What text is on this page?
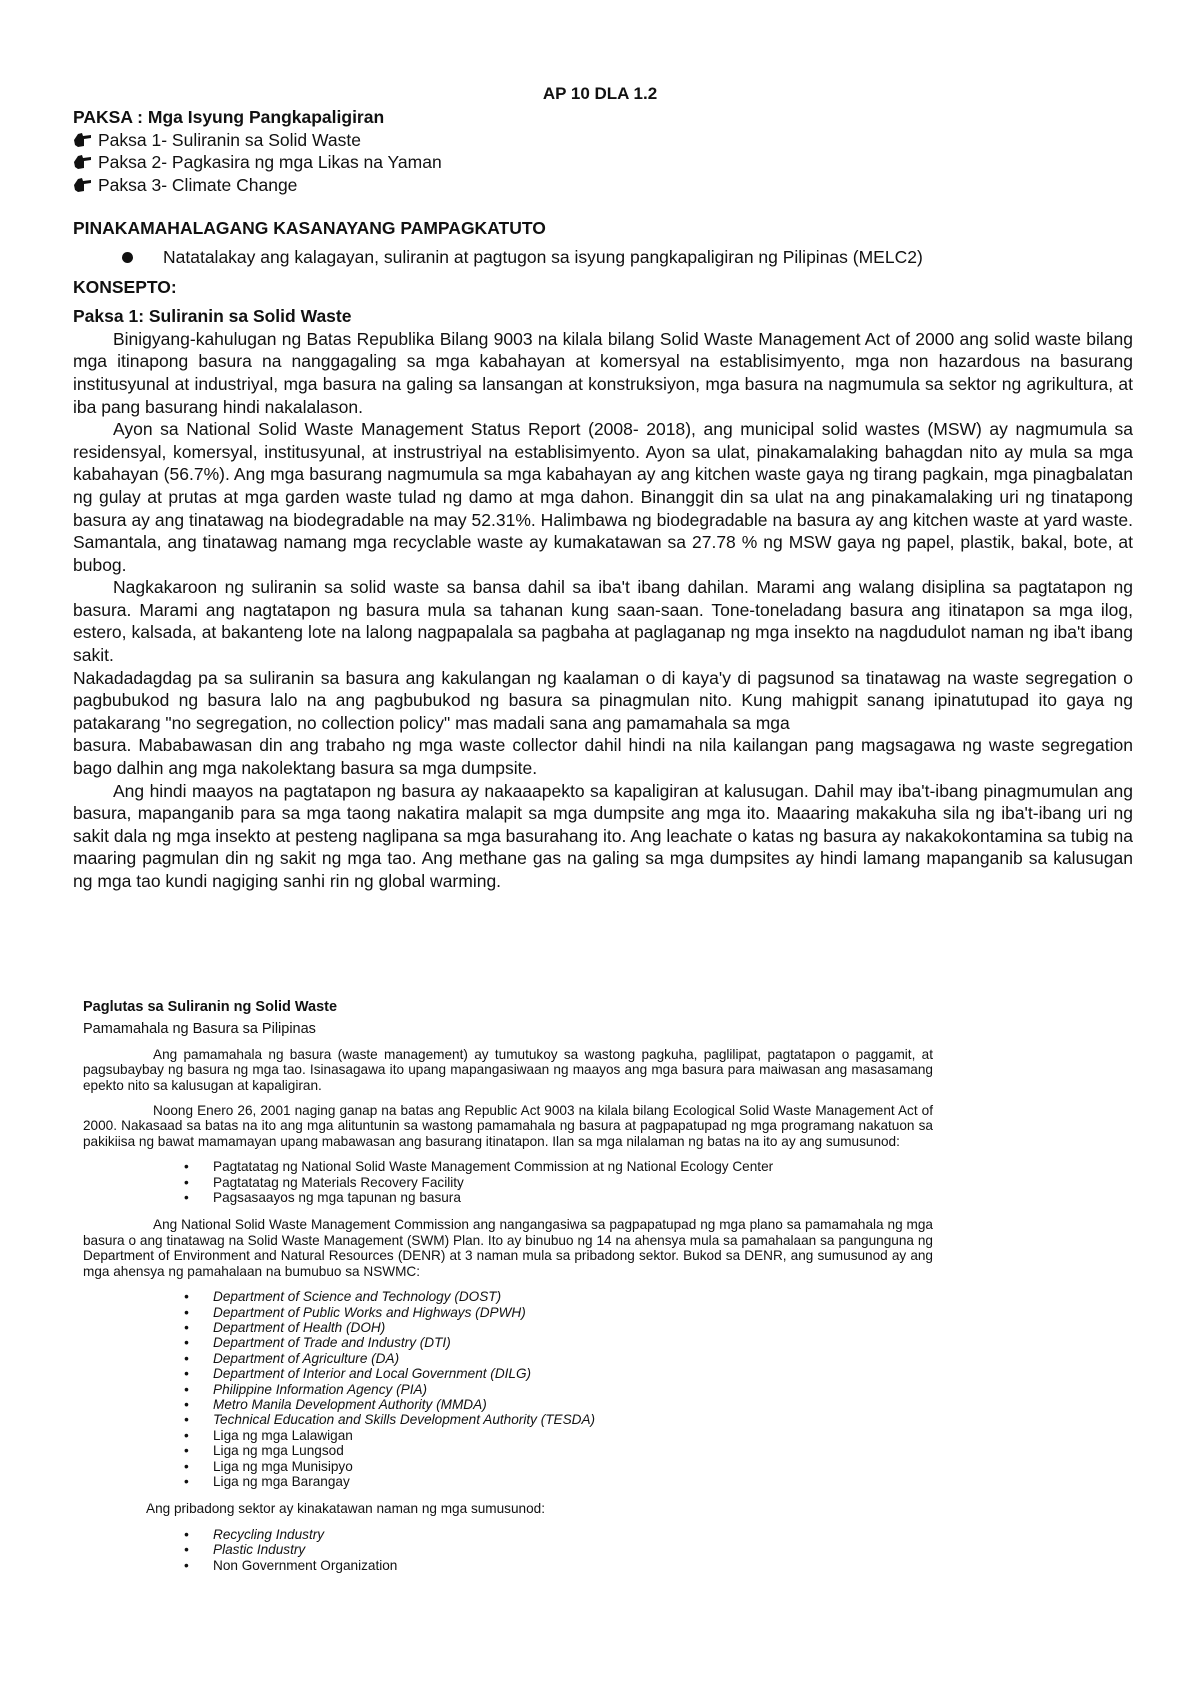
AP 10 DLA 1.2

PAKSA : Mga Isyung Pangkapaligiran

Paksa 1- Suliranin sa Solid Waste
Paksa 2- Pagkasira ng mga Likas na Yaman
Paksa 3- Climate Change

PINAKAMAHALAGANG KASANAYANG PAMPAGKATUTO

Natatalakay ang kalagayan, suliranin at pagtugon sa isyung pangkapaligiran ng Pilipinas (MELC2)

KONSEPTO:

Paksa 1: Suliranin sa Solid Waste

Binigyang-kahulugan ng Batas Republika Bilang 9003 na kilala bilang Solid Waste Management Act of 2000 ang solid waste bilang mga itinapong basura na nanggagaling sa mga kabahayan at komersyal na establisimyento, mga non hazardous na basurang institusyunal at industriyal, mga basura na galing sa lansangan at konstruksiyon, mga basura na nagmumula sa sektor ng agrikultura, at iba pang basurang hindi nakalalason.

Ayon sa National Solid Waste Management Status Report (2008- 2018), ang municipal solid wastes (MSW) ay nagmumula sa residensyal, komersyal, institusyunal, at instrustriyal na establisimyento. Ayon sa ulat, pinakamalaking bahagdan nito ay mula sa mga kabahayan (56.7%). Ang mga basurang nagmumula sa mga kabahayan ay ang kitchen waste gaya ng tirang pagkain, mga pinagbalatan ng gulay at prutas at mga garden waste tulad ng damo at mga dahon. Binanggit din sa ulat na ang pinakamalaking uri ng tinatapong basura ay ang tinatawag na biodegradable na may 52.31%. Halimbawa ng biodegradable na basura ay ang kitchen waste at yard waste. Samantala, ang tinatawag namang mga recyclable waste ay kumakatawan sa 27.78 % ng MSW gaya ng papel, plastik, bakal, bote, at bubog.

Nagkakaroon ng suliranin sa solid waste sa bansa dahil sa iba't ibang dahilan. Marami ang walang disiplina sa pagtatapon ng basura. Marami ang nagtatapon ng basura mula sa tahanan kung saan-saan. Tone-toneladang basura ang itinatapon sa mga ilog, estero, kalsada, at bakanteng lote na lalong nagpapalala sa pagbaha at paglaganap ng mga insekto na nagdudulot naman ng iba't ibang sakit.

Nakadadagdag pa sa suliranin sa basura ang kakulangan ng kaalaman o di kaya'y di pagsunod sa tinatawag na waste segregation o pagbubukod ng basura lalo na ang pagbubukod ng basura sa pinagmulan nito. Kung mahigpit sanang ipinatutupad ito gaya ng patakarang "no segregation, no collection policy" mas madali sana ang pamamahala sa mga

basura. Mababawasan din ang trabaho ng mga waste collector dahil hindi na nila kailangan pang magsagawa ng waste segregation bago dalhin ang mga nakolektang basura sa mga dumpsite.

Ang hindi maayos na pagtatapon ng basura ay nakaaapekto sa kapaligiran at kalusugan. Dahil may iba't-ibang pinagmumulan ang basura, mapanganib para sa mga taong nakatira malapit sa mga dumpsite ang mga ito. Maaaring makakuha sila ng iba't-ibang uri ng sakit dala ng mga insekto at pesteng naglipana sa mga basurahang ito. Ang leachate o katas ng basura ay nakakokontamina sa tubig na maaring pagmulan din ng sakit ng mga tao. Ang methane gas na galing sa mga dumpsites ay hindi lamang mapanganib sa kalusugan ng mga tao kundi nagiging sanhi rin ng global warming.

Paglutas sa Suliranin ng Solid Waste

Pamamahala ng Basura sa Pilipinas

Ang pamamahala ng basura (waste management) ay tumutukoy sa wastong pagkuha, paglilipat, pagtatapon o paggamit, at pagsubaybay ng basura ng mga tao. Isinasagawa ito upang mapangasiwaan ng maayos ang mga basura para maiwasan ang masasamang epekto nito sa kalusugan at kapaligiran.

Noong Enero 26, 2001 naging ganap na batas ang Republic Act 9003 na kilala bilang Ecological Solid Waste Management Act of 2000. Nakasaad sa batas na ito ang mga alituntunin sa wastong pamamahala ng basura at pagpapatupad ng mga programang nakatuon sa pakikiisa ng bawat mamamayan upang mabawasan ang basurang itinatapon. Ilan sa mga nilalaman ng batas na ito ay ang sumusunod:

• Pagtatatag ng National Solid Waste Management Commission at ng National Ecology Center
• Pagtatatag ng Materials Recovery Facility
• Pagsasaayos ng mga tapunan ng basura

Ang National Solid Waste Management Commission ang nangangasiwa sa pagpapatupad ng mga plano sa pamamahala ng mga basura o ang tinatawag na Solid Waste Management (SWM) Plan. Ito ay binubuo ng 14 na ahensya mula sa pamahalaan sa pangunguna ng Department of Environment and Natural Resources (DENR) at 3 naman mula sa pribadong sektor. Bukod sa DENR, ang sumusunod ay ang mga ahensya ng pamahalaan na bumubuo sa NSWMC:

• Department of Science and Technology (DOST)
• Department of Public Works and Highways (DPWH)
• Department of Health (DOH)
• Department of Trade and Industry (DTI)
• Department of Agriculture (DA)
• Department of Interior and Local Government (DILG)
• Philippine Information Agency (PIA)
• Metro Manila Development Authority (MMDA)
• Technical Education and Skills Development Authority (TESDA)
• Liga ng mga Lalawigan
• Liga ng mga Lungsod
• Liga ng mga Munisipyo
• Liga ng mga Barangay

Ang pribadong sektor ay kinakatawan naman ng mga sumusunod:

• Recycling Industry
• Plastic Industry
• Non Government Organization
